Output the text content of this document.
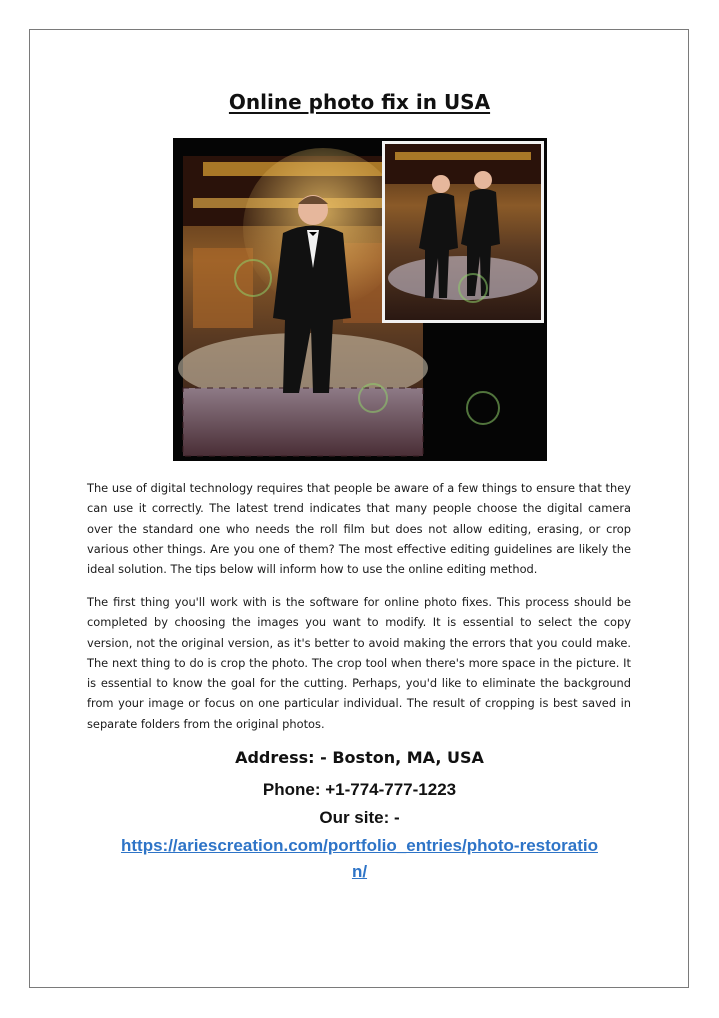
Online photo fix in USA
The use of digital technology requires that people be aware of a few things to ensure that they can use it correctly. The latest trend indicates that many people choose the digital camera over the standard one who needs the roll film but does not allow editing, erasing, or crop various other things. Are you one of them? The most effective editing guidelines are likely the ideal solution. The tips below will inform how to use the online editing method.
The first thing you'll work with is the software for online photo fixes. This process should be completed by choosing the images you want to modify. It is essential to select the copy version, not the original version, as it's better to avoid making the errors that you could make. The next thing to do is crop the photo. The crop tool when there's more space in the picture. It is essential to know the goal for the cutting. Perhaps, you'd like to eliminate the background from your image or focus on one particular individual. The result of cropping is best saved in separate folders from the original photos.
Address: - Boston, MA, USA
Phone: +1-774-777-1223
Our site: -
https://ariescreation.com/portfolio_entries/photo-restoration/
